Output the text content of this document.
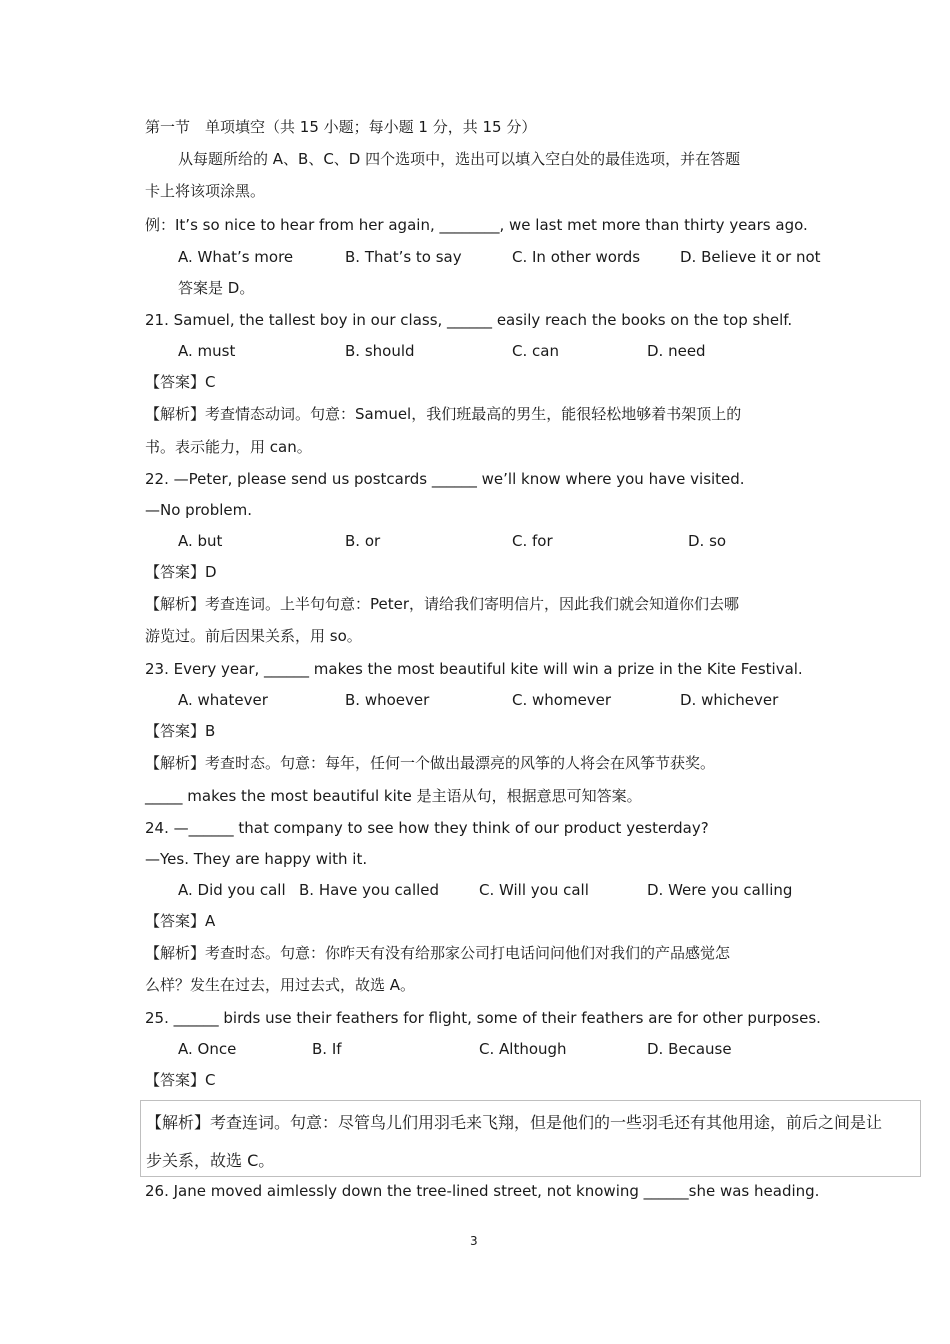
第一节　单项填空（共 15 小题；每小题 1 分，共 15 分）
从每题所给的 A、B、C、D 四个选项中，选出可以填入空白处的最佳选项，并在答题
卡上将该项涂黑。
例：It’s so nice to hear from her again, ________, we last met more than thirty years ago.
A. What’s more	B. That’s to say	C. In other words	D. Believe it or not
答案是 D。
21. Samuel, the tallest boy in our class, ______ easily reach the books on the top shelf.
A. must	B. should	C. can	D. need
【答案】C
【解析】考查情态动词。句意：Samuel，我们班最高的男生，能很轻松地够着书架顶上的
书。表示能力，用 can。
22. —Peter, please send us postcards ______ we’ll know where you have visited.
—No problem.
A. but	B. or	C. for	D. so
【答案】D
【解析】考查连词。上半句句意：Peter，请给我们寄明信片，因此我们就会知道你们去哪
游览过。前后因果关系，用 so。
23. Every year, ______ makes the most beautiful kite will win a prize in the Kite Festival.
A. whatever	B. whoever	C. whomever	D. whichever
【答案】B
【解析】考查时态。句意：每年，任何一个做出最漂亮的风筝的人将会在风筝节获奖。
_____ makes the most beautiful kite 是主语从句，根据意思可知答案。
24. —______ that company to see how they think of our product yesterday?
—Yes. They are happy with it.
A. Did you call B. Have you called	C. Will you call	D. Were you calling
【答案】A
【解析】考查时态。句意：你昨天有没有给那家公司打电话问问他们对我们的产品感觉怎
么样？发生在过去，用过去式，故选 A。
25. ______ birds use their feathers for flight, some of their feathers are for other purposes.
A. Once	B. If	C. Although	D. Because
【答案】C
【解析】考查连词。句意：尽管鸟儿们用羽毛来飞翔，但是他们的一些羽毛还有其他用途，前后之间是让
步关系，故选 C。
26. Jane moved aimlessly down the tree-lined street, not knowing ______she was heading.
3
